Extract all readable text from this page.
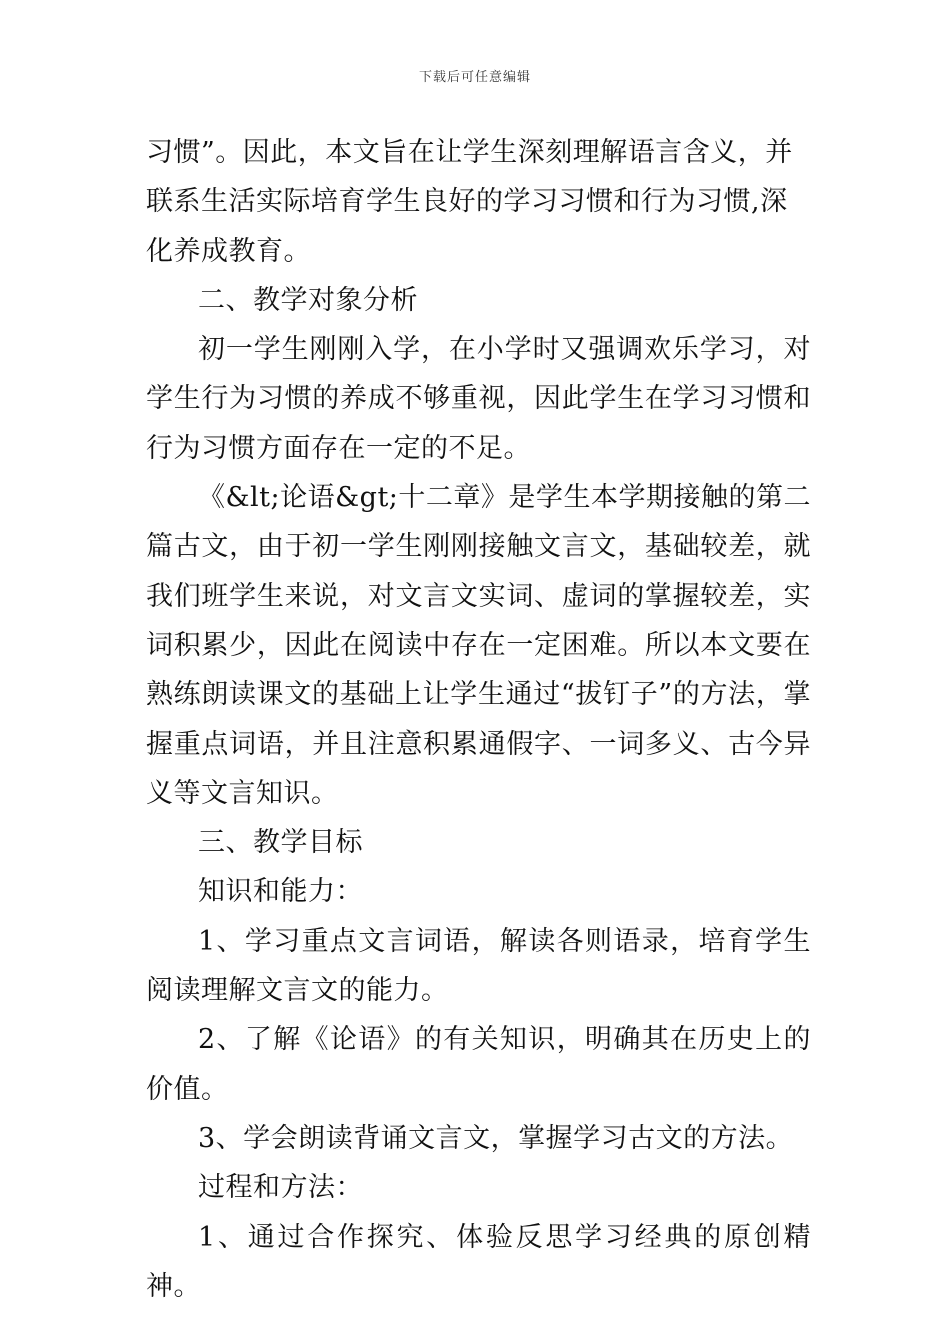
下载后可任意编辑

习惯”。因此，本文旨在让学生深刻理解语言含义，并联系生活实际培育学生良好的学习习惯和行为习惯,深化养成教育。

二、教学对象分析

初一学生刚刚入学，在小学时又强调欢乐学习，对学生行为习惯的养成不够重视，因此学生在学习习惯和行为习惯方面存在一定的不足。

《&lt;论语&gt;十二章》是学生本学期接触的第二篇古文，由于初一学生刚刚接触文言文，基础较差，就我们班学生来说，对文言文实词、虚词的掌握较差，实词积累少，因此在阅读中存在一定困难。所以本文要在熟练朗读课文的基础上让学生通过“拔钉子”的方法，掌握重点词语，并且注意积累通假字、一词多义、古今异义等文言知识。

三、教学目标

知识和能力：

1、学习重点文言词语，解读各则语录，培育学生阅读理解文言文的能力。

2、了解《论语》的有关知识，明确其在历史上的价值。

3、学会朗读背诵文言文，掌握学习古文的方法。

过程和方法：

1、通过合作探究、体验反思学习经典的原创精神。
